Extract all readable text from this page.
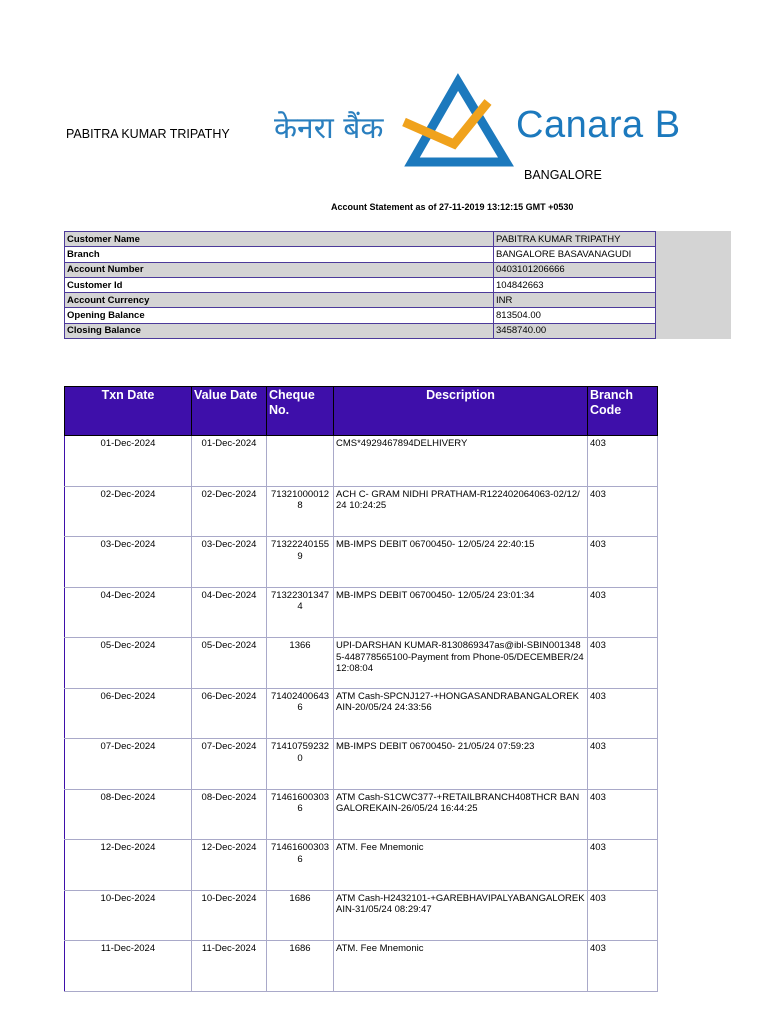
PABITRA KUMAR TRIPATHY केनरा बैंक	Canara B
BANGALORE
Account Statement as of 27-11-2019 13:12:15 GMT +0530
Customer Name	PABITRA KUMAR TRIPATHY
Branch	BANGALORE BASAVANAGUDI
Account Number	0403101206666
Customer Id	104842663
Account Currency	INR
Opening Balance	813504.00
Closing Balance	3458740.00
Txn Date	Value Date	Cheque No.	Description	Branch Code
01-Dec-2024	01-Dec-2024		CMS*4929467894DELHIVERY	403
02-Dec-2024	02-Dec-2024	713210000128	ACH C- GRAM NIDHI PRATHAM-R122402064063-02/12/24 10:24:25	403
03-Dec-2024	03-Dec-2024	713222401559	MB-IMPS DEBIT 06700450- 12/05/24 22:40:15	403
04-Dec-2024	04-Dec-2024	713223013474	MB-IMPS DEBIT 06700450- 12/05/24 23:01:34	403
05-Dec-2024	05-Dec-2024	1366	UPI-DARSHAN KUMAR-8130869347as@ibl-SBIN0013485-448778565100-Payment from Phone-05/DECEMBER/24 12:08:04	403
06-Dec-2024	06-Dec-2024	714024006436	ATM Cash-SPCNJ127-+HONGASANDRABANGALOREKAIN-20/05/24 24:33:56	403
07-Dec-2024	07-Dec-2024	714107592320	MB-IMPS DEBIT 06700450- 21/05/24 07:59:23	403
08-Dec-2024	08-Dec-2024	714616003036	ATM Cash-S1CWC377-+RETAILBRANCH408THCR BANGALOREKAIN-26/05/24 16:44:25	403
12-Dec-2024	12-Dec-2024	714616003036	ATM. Fee Mnemonic	403
10-Dec-2024	10-Dec-2024	1686	ATM Cash-H2432101-+GAREBHAVIPALYABANGALOREKAIN-31/05/24 08:29:47	403
11-Dec-2024	11-Dec-2024	1686	ATM. Fee Mnemonic	403
